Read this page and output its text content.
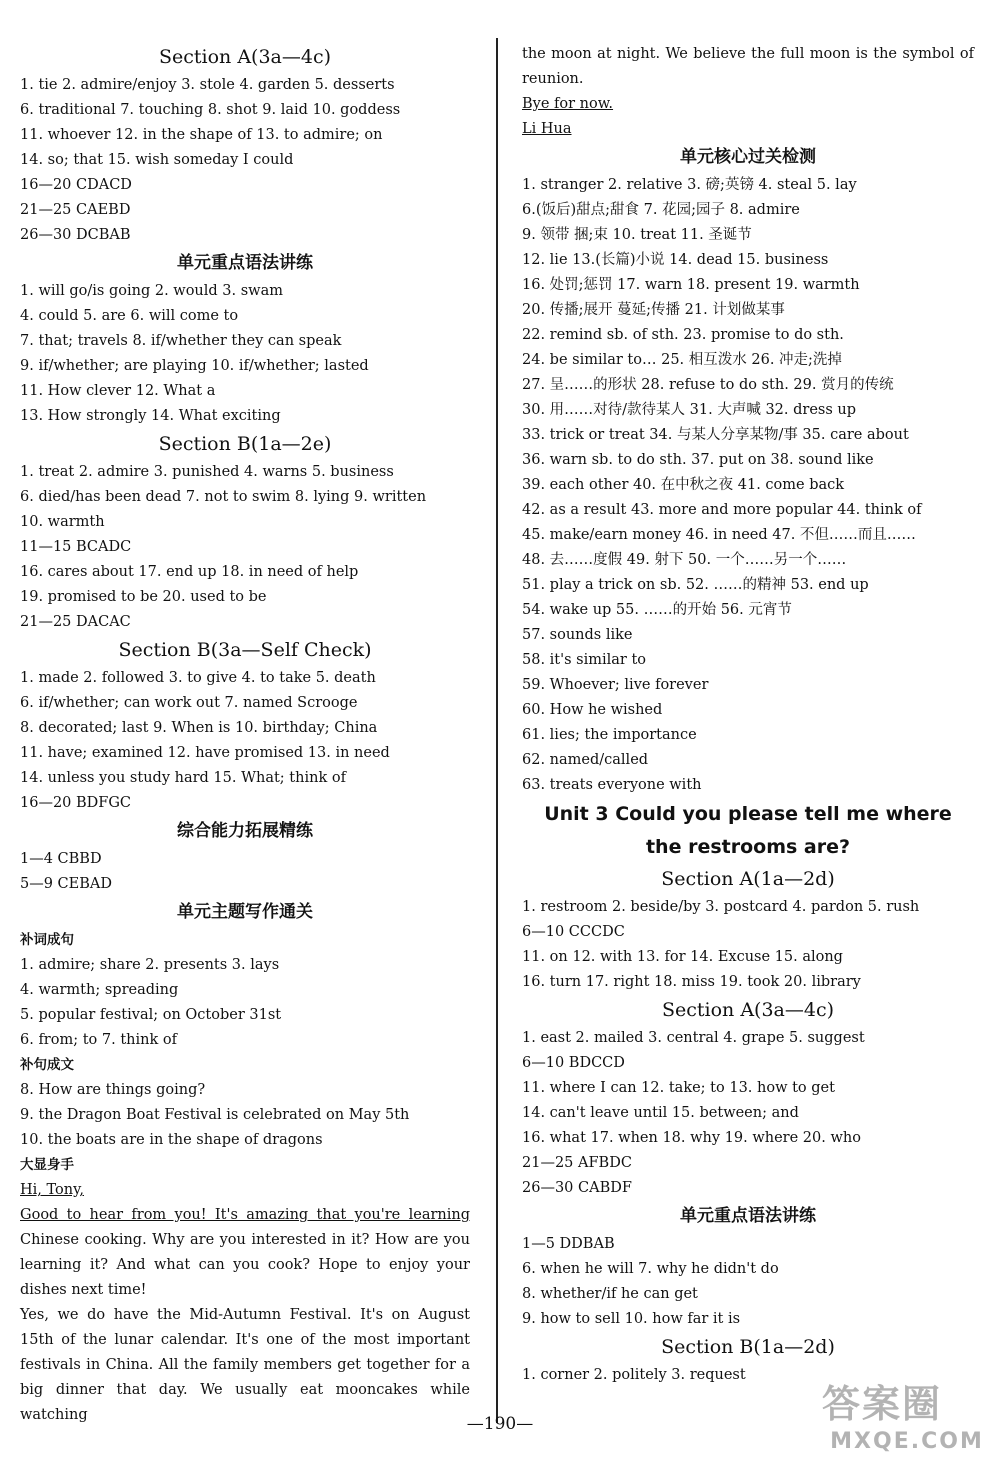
Section A(3a—4c)
1. tie 2. admire/enjoy 3. stole 4. garden 5. desserts
6. traditional 7. touching 8. shot 9. laid 10. goddess
11. whoever 12. in the shape of 13. to admire; on
14. so; that 15. wish someday I could
16—20 CDACD
21—25 CAEBD
26—30 DCBAB
单元重点语法讲练
1. will go/is going 2. would 3. swam
4. could 5. are 6. will come to
7. that; travels 8. if/whether they can speak
9. if/whether; are playing 10. if/whether; lasted
11. How clever 12. What a
13. How strongly 14. What exciting
Section B(1a—2e)
1. treat 2. admire 3. punished 4. warns 5. business
6. died/has been dead 7. not to swim 8. lying 9. written
10. warmth
11—15 BCADC
16. cares about 17. end up 18. in need of help
19. promised to be 20. used to be
21—25 DACAC
Section B(3a—Self Check)
1. made 2. followed 3. to give 4. to take 5. death
6. if/whether; can work out 7. named Scrooge
8. decorated; last 9. When is 10. birthday; China
11. have; examined 12. have promised 13. in need
14. unless you study hard 15. What; think of
16—20 BDFGC
综合能力拓展精练
1—4 CBBD
5—9 CEBAD
单元主题写作通关
补词成句
1. admire; share 2. presents 3. lays
4. warmth; spreading
5. popular festival; on October 31st
6. from; to 7. think of
补句成文
8. How are things going?
9. the Dragon Boat Festival is celebrated on May 5th
10. the boats are in the shape of dragons
大显身手
Hi, Tony,

Good to hear from you! It's amazing that you're learning Chinese cooking. Why are you interested in it? How are you learning it? And what can you cook? Hope to enjoy your dishes next time!

Yes, we do have the Mid-Autumn Festival. It's on August 15th of the lunar calendar. It's one of the most important festivals in China. All the family members get together for a big dinner that day. We usually eat mooncakes while watching

the moon at night. We believe the full moon is the symbol of reunion.

Bye for now.
Li Hua
单元核心过关检测
1. stranger 2. relative 3. 磅;英镑 4. steal 5. lay
6.(饭后)甜点;甜食 7. 花园;园子 8. admire
9. 领带 捆;束 10. treat 11. 圣诞节
12. lie 13.(长篇)小说 14. dead 15. business
16. 处罚;惩罚 17. warn 18. present 19. warmth
20. 传播;展开 蔓延;传播 21. 计划做某事
22. remind sb. of sth. 23. promise to do sth.
24. be similar to… 25. 相互泼水 26. 冲走;洗掉
27. 呈……的形状 28. refuse to do sth. 29. 赏月的传统
30. 用……对待/款待某人 31. 大声喊 32. dress up
33. trick or treat 34. 与某人分享某物/事 35. care about
36. warn sb. to do sth. 37. put on 38. sound like
39. each other 40. 在中秋之夜 41. come back
42. as a result 43. more and more popular 44. think of
45. make/earn money 46. in need 47. 不但……而且……
48. 去……度假 49. 射下 50. 一个……另一个……
51. play a trick on sb. 52. ……的精神 53. end up
54. wake up 55. ……的开始 56. 元宵节
57. sounds like
58. it's similar to
59. Whoever; live forever
60. How he wished
61. lies; the importance
62. named/called
63. treats everyone with
Unit 3 Could you please tell me where
the restrooms are?
Section A(1a—2d)
1. restroom 2. beside/by 3. postcard 4. pardon 5. rush
6—10 CCCDC
11. on 12. with 13. for 14. Excuse 15. along
16. turn 17. right 18. miss 19. took 20. library
Section A(3a—4c)
1. east 2. mailed 3. central 4. grape 5. suggest
6—10 BDCCD
11. where I can 12. take; to 13. how to get
14. can't leave until 15. between; and
16. what 17. when 18. why 19. where 20. who
21—25 AFBDC
26—30 CABDF
单元重点语法讲练
1—5 DDBAB
6. when he will 7. why he didn't do
8. whether/if he can get
9. how to sell 10. how far it is
Section B(1a—2d)
1. corner 2. politely 3. request
—190—	答案圈
MXQE.COM
